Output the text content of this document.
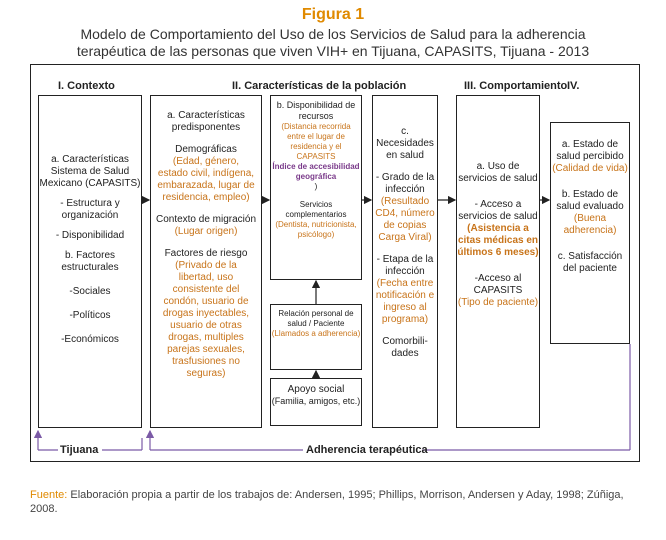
Figura 1
Modelo de Comportamiento del Uso de los Servicios de Salud para la adherencia
terapéutica de las personas que viven VIH+ en Tijuana, CAPASITS, Tijuana - 2013
I. Contexto	II. Características de la población	III. Comportamiento IV.
a. Características Sistema de Salud Mexicano (CAPASITS)
- Estructura y organización
- Disponibilidad
b. Factores estructurales
-Sociales
-Políticos
-Económicos
a. Características predisponentes
Demográficas
(Edad, género, estado civil, indígena, embarazada, lugar de residencia, empleo)
Contexto de migración
(Lugar origen)
Factores de riesgo
(Privado de la libertad, uso consistente del condón, usuario de drogas inyectables, usuario de otras drogas, multiples parejas sexuales, trasfusiones no seguras)
b. Disponibilidad de recursos
(Distancia recorrida entre el lugar de residencia y el CAPASITS
Índice de accesibilidad geográfica
)
Servicios complementarios
(Dentista, nutricionista, psicólogo)
Relación personal de salud / Paciente
(Llamados a adherencia)
Apoyo social
(Familia, amigos, etc.)
c. Necesidades en salud
- Grado de la infección
(Resultado CD4, número de copias Carga Viral)
- Etapa de la infección
(Fecha entre notificación e ingreso al programa)
Comorbili-dades
a. Uso de servicios de salud
- Acceso a servicios de salud
(Asistencia a citas médicas en últimos 6 meses)
-Acceso al CAPASITS
(Tipo de paciente)
a. Estado de salud percibido
(Calidad de vida)
b. Estado de salud evaluado
(Buena adherencia)
c. Satisfacción del paciente
Tijuana	Adherencia terapéutica
Fuente: Elaboración propia a partir de los trabajos de: Andersen, 1995; Phillips, Morrison, Andersen y Aday, 1998; Zúñiga, 2008.
